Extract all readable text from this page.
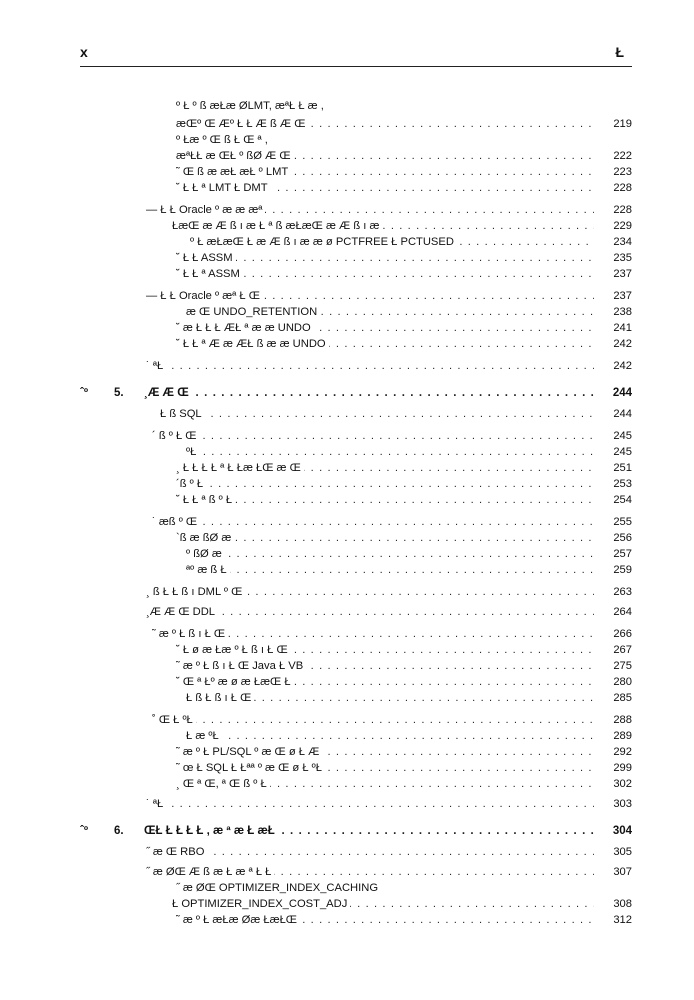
x	Ł
º Ł º ß æŁæ ØLMT, æªŁ Ł æ ,
æŒº Œ Æº Ł Ł Æ ß Æ Œ . . .	219
º Łæ º Œ ß Ł Œ ª ,
æªŁŁ æ ŒŁ º ßØ Æ Œ . . .	222
˜ Œ ß æ æŁ æŁ º LMT . . .	223
˘ Ł Ł ª LMT Ł DMT . . .	228
— Ł Ł Oracle º æ æ æª . . .	228
ŁæŒ æ Æ ß ı æ Ł ª ß æŁæŒ æ Æ ß ı æ . . .	229
º Ł æŁæŒ Ł æ Æ ß ı æ æ ø PCTFREE Ł PCTUSED . . .	234
˘ Ł Ł ASSM . . .	235
˘ Ł Ł ª ASSM . . .	237
— Ł Ł Oracle º æª Ł Œ . . .	237
æ Œ UNDO_RETENTION . . .	238
˘ æ Ł Ł Ł ÆŁ ª æ æ UNDO . . .	241
˘ Ł Ł ª Æ æ ÆŁ ß æ æ UNDO . . .	242
˙ ªŁ . . .	242
ˆº 5. ¸Æ Æ Œ . . .	244
Ł ß SQL . . .	244
´ ß º Ł Œ . . .	245
ºŁ . . .	245
¸ Ł Ł Ł Ł ª Ł Łæ ŁŒ æ Œ . . .	251
´ß º Ł . . .	253
˘ Ł Ł ª ß º Ł . . .	254
˙ æß º Œ . . .	255
`ß æ ßØ æ . . .	256
º ßØ æ . . .	257
ªº æ ß Ł . . .	259
¸ ß Ł Ł ß ı DML º Œ . . .	263
¸Æ Æ Œ DDL . . .	264
˜ æ º Ł ß ı Ł Œ . . .	266
˘ Ł ø æ Łæ º Ł ß ı Ł Œ . . .	267
˜ æ º Ł ß ı Ł Œ Java Ł VB . . .	275
˘ Œ ª Łº æ ø æ ŁæŒ Ł . . .	280
Ł ß Ł ß ı Ł Œ . . .	285
˚ Œ Ł ºŁ . . .	288
Ł æ ºŁ . . .	289
˜ æ º Ł PL/SQL º æ Œ ø Ł Æ . . .	292
˜ œ Ł SQL Ł Łªª º æ Œ ø Ł ºŁ . . .	299
¸ Œ ª Œ, ª Œ ß º Ł . . .	302
˙ ªŁ . . .	303
ˆº 6. ŒŁ Ł Ł Ł Ł , æ ª æ Ł æŁ . . .	304
˝ æ Œ RBO . . .	305
˝ æ ØŒ Æ ß æ Ł æ ª Ł Ł . . .	307
˝ æ ØŒ OPTIMIZER_INDEX_CACHING
Ł OPTIMIZER_INDEX_COST_ADJ . . .	308
˜ æ º Ł æŁæ Øæ ŁæŁŒ . . .	312
